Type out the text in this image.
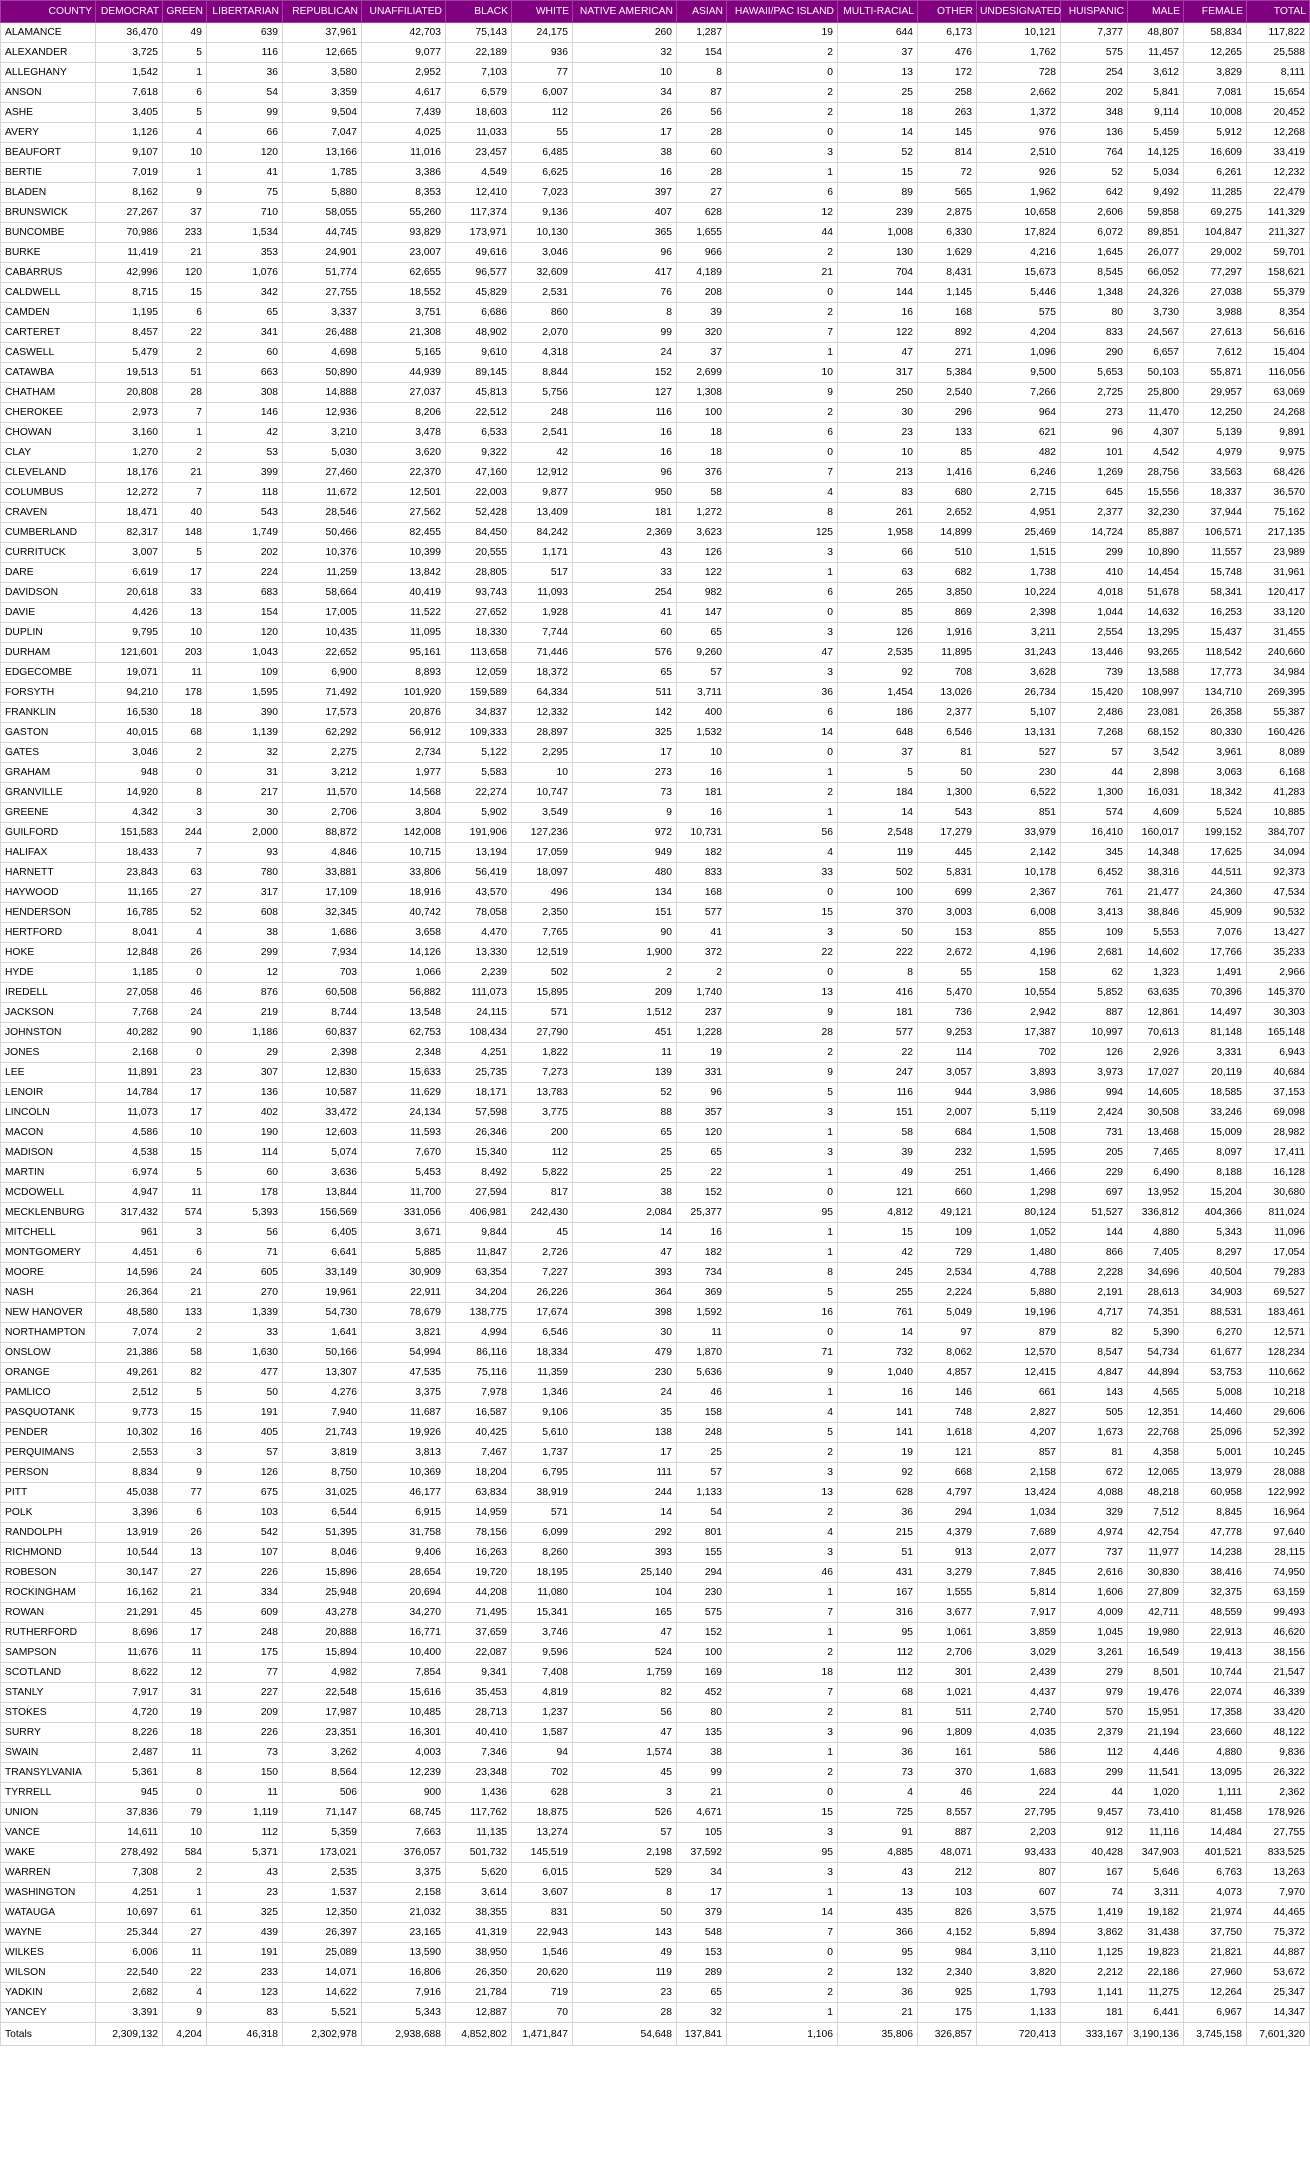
COUNTY	DEMOCRAT	GREEN	LIBERTARIAN	REPUBLICAN	UNAFFILIATED	BLACK	WHITE	NATIVE AMERICAN	ASIAN	HAWAII/PAC ISLAND	MULTI-RACIAL	OTHER	UNDESIGNATED	HUISPANIC	MALE	FEMALE	TOTAL
ALAMANCE	36,470	49	639	37,961	42,703	75,143	24,175	260	1,287	19	644	6,173	10,121	7,377	48,807	58,834	117,822
ALEXANDER	3,725	5	116	12,665	9,077	22,189	936	32	154	2	37	476	1,762	575	11,457	12,265	25,588
ALLEGHANY	1,542	1	36	3,580	2,952	7,103	77	10	8	0	13	172	728	254	3,612	3,829	8,111
ANSON	7,618	6	54	3,359	4,617	6,579	6,007	34	87	2	25	258	2,662	202	5,841	7,081	15,654
ASHE	3,405	5	99	9,504	7,439	18,603	112	26	56	2	18	263	1,372	348	9,114	10,008	20,452
AVERY	1,126	4	66	7,047	4,025	11,033	55	17	28	0	14	145	976	136	5,459	5,912	12,268
BEAUFORT	9,107	10	120	13,166	11,016	23,457	6,485	38	60	3	52	814	2,510	764	14,125	16,609	33,419
BERTIE	7,019	1	41	1,785	3,386	4,549	6,625	16	28	1	15	72	926	52	5,034	6,261	12,232
BLADEN	8,162	9	75	5,880	8,353	12,410	7,023	397	27	6	89	565	1,962	642	9,492	11,285	22,479
BRUNSWICK	27,267	37	710	58,055	55,260	117,374	9,136	407	628	12	239	2,875	10,658	2,606	59,858	69,275	141,329
BUNCOMBE	70,986	233	1,534	44,745	93,829	173,971	10,130	365	1,655	44	1,008	6,330	17,824	6,072	89,851	104,847	211,327
BURKE	11,419	21	353	24,901	23,007	49,616	3,046	96	966	2	130	1,629	4,216	1,645	26,077	29,002	59,701
CABARRUS	42,996	120	1,076	51,774	62,655	96,577	32,609	417	4,189	21	704	8,431	15,673	8,545	66,052	77,297	158,621
CALDWELL	8,715	15	342	27,755	18,552	45,829	2,531	76	208	0	144	1,145	5,446	1,348	24,326	27,038	55,379
CAMDEN	1,195	6	65	3,337	3,751	6,686	860	8	39	2	16	168	575	80	3,730	3,988	8,354
CARTERET	8,457	22	341	26,488	21,308	48,902	2,070	99	320	7	122	892	4,204	833	24,567	27,613	56,616
CASWELL	5,479	2	60	4,698	5,165	9,610	4,318	24	37	1	47	271	1,096	290	6,657	7,612	15,404
CATAWBA	19,513	51	663	50,890	44,939	89,145	8,844	152	2,699	10	317	5,384	9,500	5,653	50,103	55,871	116,056
CHATHAM	20,808	28	308	14,888	27,037	45,813	5,756	127	1,308	9	250	2,540	7,266	2,725	25,800	29,957	63,069
CHEROKEE	2,973	7	146	12,936	8,206	22,512	248	116	100	2	30	296	964	273	11,470	12,250	24,268
CHOWAN	3,160	1	42	3,210	3,478	6,533	2,541	16	18	6	23	133	621	96	4,307	5,139	9,891
CLAY	1,270	2	53	5,030	3,620	9,322	42	16	18	0	10	85	482	101	4,542	4,979	9,975
CLEVELAND	18,176	21	399	27,460	22,370	47,160	12,912	96	376	7	213	1,416	6,246	1,269	28,756	33,563	68,426
COLUMBUS	12,272	7	118	11,672	12,501	22,003	9,877	950	58	4	83	680	2,715	645	15,556	18,337	36,570
CRAVEN	18,471	40	543	28,546	27,562	52,428	13,409	181	1,272	8	261	2,652	4,951	2,377	32,230	37,944	75,162
CUMBERLAND	82,317	148	1,749	50,466	82,455	84,450	84,242	2,369	3,623	125	1,958	14,899	25,469	14,724	85,887	106,571	217,135
CURRITUCK	3,007	5	202	10,376	10,399	20,555	1,171	43	126	3	66	510	1,515	299	10,890	11,557	23,989
DARE	6,619	17	224	11,259	13,842	28,805	517	33	122	1	63	682	1,738	410	14,454	15,748	31,961
DAVIDSON	20,618	33	683	58,664	40,419	93,743	11,093	254	982	6	265	3,850	10,224	4,018	51,678	58,341	120,417
DAVIE	4,426	13	154	17,005	11,522	27,652	1,928	41	147	0	85	869	2,398	1,044	14,632	16,253	33,120
DUPLIN	9,795	10	120	10,435	11,095	18,330	7,744	60	65	3	126	1,916	3,211	2,554	13,295	15,437	31,455
DURHAM	121,601	203	1,043	22,652	95,161	113,658	71,446	576	9,260	47	2,535	11,895	31,243	13,446	93,265	118,542	240,660
EDGECOMBE	19,071	11	109	6,900	8,893	12,059	18,372	65	57	3	92	708	3,628	739	13,588	17,773	34,984
FORSYTH	94,210	178	1,595	71,492	101,920	159,589	64,334	511	3,711	36	1,454	13,026	26,734	15,420	108,997	134,710	269,395
FRANKLIN	16,530	18	390	17,573	20,876	34,837	12,332	142	400	6	186	2,377	5,107	2,486	23,081	26,358	55,387
GASTON	40,015	68	1,139	62,292	56,912	109,333	28,897	325	1,532	14	648	6,546	13,131	7,268	68,152	80,330	160,426
GATES	3,046	2	32	2,275	2,734	5,122	2,295	17	10	0	37	81	527	57	3,542	3,961	8,089
GRAHAM	948	0	31	3,212	1,977	5,583	10	273	16	1	5	50	230	44	2,898	3,063	6,168
GRANVILLE	14,920	8	217	11,570	14,568	22,274	10,747	73	181	2	184	1,300	6,522	1,300	16,031	18,342	41,283
GREENE	4,342	3	30	2,706	3,804	5,902	3,549	9	16	1	14	543	851	574	4,609	5,524	10,885
GUILFORD	151,583	244	2,000	88,872	142,008	191,906	127,236	972	10,731	56	2,548	17,279	33,979	16,410	160,017	199,152	384,707
HALIFAX	18,433	7	93	4,846	10,715	13,194	17,059	949	182	4	119	445	2,142	345	14,348	17,625	34,094
HARNETT	23,843	63	780	33,881	33,806	56,419	18,097	480	833	33	502	5,831	10,178	6,452	38,316	44,511	92,373
HAYWOOD	11,165	27	317	17,109	18,916	43,570	496	134	168	0	100	699	2,367	761	21,477	24,360	47,534
HENDERSON	16,785	52	608	32,345	40,742	78,058	2,350	151	577	15	370	3,003	6,008	3,413	38,846	45,909	90,532
HERTFORD	8,041	4	38	1,686	3,658	4,470	7,765	90	41	3	50	153	855	109	5,553	7,076	13,427
HOKE	12,848	26	299	7,934	14,126	13,330	12,519	1,900	372	22	222	2,672	4,196	2,681	14,602	17,766	35,233
HYDE	1,185	0	12	703	1,066	2,239	502	2	2	0	8	55	158	62	1,323	1,491	2,966
IREDELL	27,058	46	876	60,508	56,882	111,073	15,895	209	1,740	13	416	5,470	10,554	5,852	63,635	70,396	145,370
JACKSON	7,768	24	219	8,744	13,548	24,115	571	1,512	237	9	181	736	2,942	887	12,861	14,497	30,303
JOHNSTON	40,282	90	1,186	60,837	62,753	108,434	27,790	451	1,228	28	577	9,253	17,387	10,997	70,613	81,148	165,148
JONES	2,168	0	29	2,398	2,348	4,251	1,822	11	19	2	22	114	702	126	2,926	3,331	6,943
LEE	11,891	23	307	12,830	15,633	25,735	7,273	139	331	9	247	3,057	3,893	3,973	17,027	20,119	40,684
LENOIR	14,784	17	136	10,587	11,629	18,171	13,783	52	96	5	116	944	3,986	994	14,605	18,585	37,153
LINCOLN	11,073	17	402	33,472	24,134	57,598	3,775	88	357	3	151	2,007	5,119	2,424	30,508	33,246	69,098
MACON	4,586	10	190	12,603	11,593	26,346	200	65	120	1	58	684	1,508	731	13,468	15,009	28,982
MADISON	4,538	15	114	5,074	7,670	15,340	112	25	65	3	39	232	1,595	205	7,465	8,097	17,411
MARTIN	6,974	5	60	3,636	5,453	8,492	5,822	25	22	1	49	251	1,466	229	6,490	8,188	16,128
MCDOWELL	4,947	11	178	13,844	11,700	27,594	817	38	152	0	121	660	1,298	697	13,952	15,204	30,680
MECKLENBURG	317,432	574	5,393	156,569	331,056	406,981	242,430	2,084	25,377	95	4,812	49,121	80,124	51,527	336,812	404,366	811,024
MITCHELL	961	3	56	6,405	3,671	9,844	45	14	16	1	15	109	1,052	144	4,880	5,343	11,096
MONTGOMERY	4,451	6	71	6,641	5,885	11,847	2,726	47	182	1	42	729	1,480	866	7,405	8,297	17,054
MOORE	14,596	24	605	33,149	30,909	63,354	7,227	393	734	8	245	2,534	4,788	2,228	34,696	40,504	79,283
NASH	26,364	21	270	19,961	22,911	34,204	26,226	364	369	5	255	2,224	5,880	2,191	28,613	34,903	69,527
NEW HANOVER	48,580	133	1,339	54,730	78,679	138,775	17,674	398	1,592	16	761	5,049	19,196	4,717	74,351	88,531	183,461
NORTHAMPTON	7,074	2	33	1,641	3,821	4,994	6,546	30	11	0	14	97	879	82	5,390	6,270	12,571
ONSLOW	21,386	58	1,630	50,166	54,994	86,116	18,334	479	1,870	71	732	8,062	12,570	8,547	54,734	61,677	128,234
ORANGE	49,261	82	477	13,307	47,535	75,116	11,359	230	5,636	9	1,040	4,857	12,415	4,847	44,894	53,753	110,662
PAMLICO	2,512	5	50	4,276	3,375	7,978	1,346	24	46	1	16	146	661	143	4,565	5,008	10,218
PASQUOTANK	9,773	15	191	7,940	11,687	16,587	9,106	35	158	4	141	748	2,827	505	12,351	14,460	29,606
PENDER	10,302	16	405	21,743	19,926	40,425	5,610	138	248	5	141	1,618	4,207	1,673	22,768	25,096	52,392
PERQUIMANS	2,553	3	57	3,819	3,813	7,467	1,737	17	25	2	19	121	857	81	4,358	5,001	10,245
PERSON	8,834	9	126	8,750	10,369	18,204	6,795	111	57	3	92	668	2,158	672	12,065	13,979	28,088
PITT	45,038	77	675	31,025	46,177	63,834	38,919	244	1,133	13	628	4,797	13,424	4,088	48,218	60,958	122,992
POLK	3,396	6	103	6,544	6,915	14,959	571	14	54	2	36	294	1,034	329	7,512	8,845	16,964
RANDOLPH	13,919	26	542	51,395	31,758	78,156	6,099	292	801	4	215	4,379	7,689	4,974	42,754	47,778	97,640
RICHMOND	10,544	13	107	8,046	9,406	16,263	8,260	393	155	3	51	913	2,077	737	11,977	14,238	28,115
ROBESON	30,147	27	226	15,896	28,654	19,720	18,195	25,140	294	46	431	3,279	7,845	2,616	30,830	38,416	74,950
ROCKINGHAM	16,162	21	334	25,948	20,694	44,208	11,080	104	230	1	167	1,555	5,814	1,606	27,809	32,375	63,159
ROWAN	21,291	45	609	43,278	34,270	71,495	15,341	165	575	7	316	3,677	7,917	4,009	42,711	48,559	99,493
RUTHERFORD	8,696	17	248	20,888	16,771	37,659	3,746	47	152	1	95	1,061	3,859	1,045	19,980	22,913	46,620
SAMPSON	11,676	11	175	15,894	10,400	22,087	9,596	524	100	2	112	2,706	3,029	3,261	16,549	19,413	38,156
SCOTLAND	8,622	12	77	4,982	7,854	9,341	7,408	1,759	169	18	112	301	2,439	279	8,501	10,744	21,547
STANLY	7,917	31	227	22,548	15,616	35,453	4,819	82	452	7	68	1,021	4,437	979	19,476	22,074	46,339
STOKES	4,720	19	209	17,987	10,485	28,713	1,237	56	80	2	81	511	2,740	570	15,951	17,358	33,420
SURRY	8,226	18	226	23,351	16,301	40,410	1,587	47	135	3	96	1,809	4,035	2,379	21,194	23,660	48,122
SWAIN	2,487	11	73	3,262	4,003	7,346	94	1,574	38	1	36	161	586	112	4,446	4,880	9,836
TRANSYLVANIA	5,361	8	150	8,564	12,239	23,348	702	45	99	2	73	370	1,683	299	11,541	13,095	26,322
TYRRELL	945	0	11	506	900	1,436	628	3	21	0	4	46	224	44	1,020	1,111	2,362
UNION	37,836	79	1,119	71,147	68,745	117,762	18,875	526	4,671	15	725	8,557	27,795	9,457	73,410	81,458	178,926
VANCE	14,611	10	112	5,359	7,663	11,135	13,274	57	105	3	91	887	2,203	912	11,116	14,484	27,755
WAKE	278,492	584	5,371	173,021	376,057	501,732	145,519	2,198	37,592	95	4,885	48,071	93,433	40,428	347,903	401,521	833,525
WARREN	7,308	2	43	2,535	3,375	5,620	6,015	529	34	3	43	212	807	167	5,646	6,763	13,263
WASHINGTON	4,251	1	23	1,537	2,158	3,614	3,607	8	17	1	13	103	607	74	3,311	4,073	7,970
WATAUGA	10,697	61	325	12,350	21,032	38,355	831	50	379	14	435	826	3,575	1,419	19,182	21,974	44,465
WAYNE	25,344	27	439	26,397	23,165	41,319	22,943	143	548	7	366	4,152	5,894	3,862	31,438	37,750	75,372
WILKES	6,006	11	191	25,089	13,590	38,950	1,546	49	153	0	95	984	3,110	1,125	19,823	21,821	44,887
WILSON	22,540	22	233	14,071	16,806	26,350	20,620	119	289	2	132	2,340	3,820	2,212	22,186	27,960	53,672
YADKIN	2,682	4	123	14,622	7,916	21,784	719	23	65	2	36	925	1,793	1,141	11,275	12,264	25,347
YANCEY	3,391	9	83	5,521	5,343	12,887	70	28	32	1	21	175	1,133	181	6,441	6,967	14,347
Totals	2,309,132	4,204	46,318	2,302,978	2,938,688	4,852,802	1,471,847	54,648	137,841	1,106	35,806	326,857	720,413	333,167	3,190,136	3,745,158	7,601,320
